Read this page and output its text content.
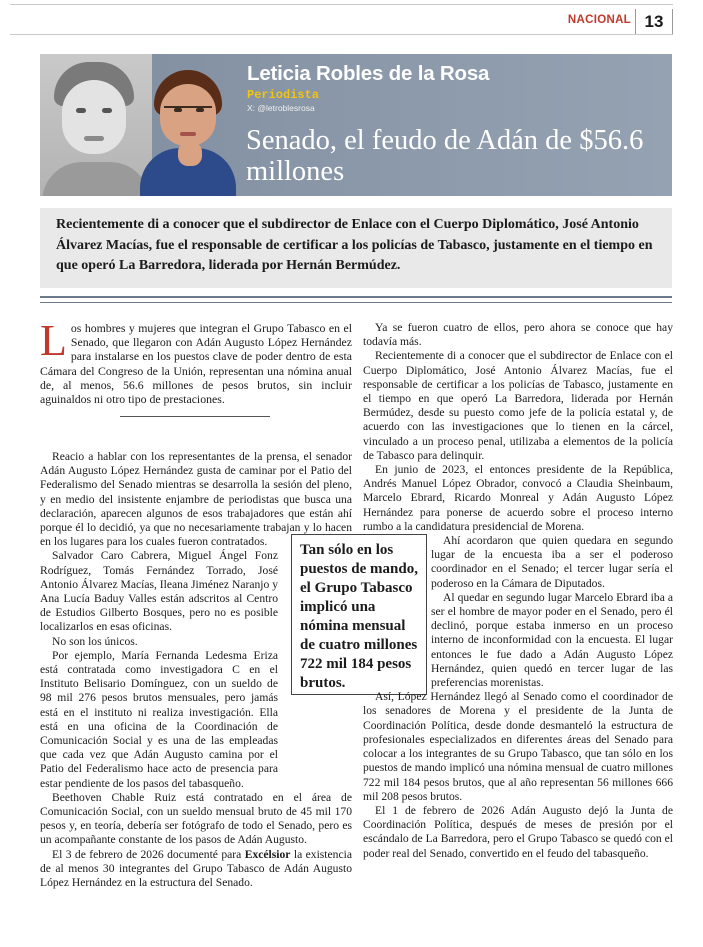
NACIONAL 13
Leticia Robles de la Rosa
Periodista
X: @letroblesrosa
Senado, el feudo de Adán de $56.6 millones

Recientemente di a conocer que el subdirector de Enlace con el Cuerpo Diplomático, José Antonio Álvarez Macías, fue el responsable de certificar a los policías de Tabasco, justamente en el tiempo en que operó La Barredora, liderada por Hernán Bermúdez.

L os hombres y mujeres que integran el Grupo Tabasco en el Senado, que llegaron con Adán Augusto López Hernández para instalarse en los puestos clave de poder dentro de esta Cámara del Congreso de la Unión, representan una nómina anual de, al menos, 56.6 millones de pesos brutos, sin incluir aguinaldos ni otro tipo de prestaciones.

Reacio a hablar con los representantes de la prensa, el senador Adán Augusto López Hernández gusta de caminar por el Patio del Federalismo del Senado mientras se desarrolla la sesión del pleno, y en medio del insistente enjambre de periodistas que busca una declaración, aparecen algunos de esos trabajadores que están ahí porque él lo decidió, ya que no necesariamente trabajan y lo hacen en los lugares para los cuales fueron contratados.

Salvador Caro Cabrera, Miguel Ángel Fonz Rodríguez, Tomás Fernández Torrado, José Antonio Álvarez Macías, Ileana Jiménez Naranjo y Ana Lucía Baduy Valles están adscritos al Centro de Estudios Gilberto Bosques, pero no es posible localizarlos en esas oficinas.

No son los únicos.

Por ejemplo, María Fernanda Ledesma Eriza está contratada como investigadora C en el Instituto Belisario Domínguez, con un sueldo de 98 mil 276 pesos brutos mensuales, pero jamás está en el instituto ni realiza investigación. Ella está en una oficina de la Coordinación de Comunicación Social y es una de las empleadas que cada vez que Adán Augusto camina por el Patio del Federalismo hace acto de presencia para estar pendiente de los pasos del tabasqueño.

Beethoven Chable Ruiz está contratado en el área de Comunicación Social, con un sueldo mensual bruto de 45 mil 170 pesos y, en teoría, debería ser fotógrafo de todo el Senado, pero es un acompañante constante de los pasos de Adán Augusto.

El 3 de febrero de 2026 documenté para Excélsior la existencia de al menos 30 integrantes del Grupo Tabasco de Adán Augusto López Hernández en la estructura del Senado.

Tan sólo en los puestos de mando, el Grupo Tabasco implicó una nómina mensual de cuatro millones 722 mil 184 pesos brutos.

Ya se fueron cuatro de ellos, pero ahora se conoce que hay todavía más.

Recientemente di a conocer que el subdirector de Enlace con el Cuerpo Diplomático, José Antonio Álvarez Macías, fue el responsable de certificar a los policías de Tabasco, justamente en el tiempo en que operó La Barredora, liderada por Hernán Bermúdez, desde su puesto como jefe de la policía estatal y, de acuerdo con las investigaciones que lo tienen en la cárcel, vinculado a un proceso penal, utilizaba a elementos de la policía de Tabasco para delinquir.

En junio de 2023, el entonces presidente de la República, Andrés Manuel López Obrador, convocó a Claudia Sheinbaum, Marcelo Ebrard, Ricardo Monreal y Adán Augusto López Hernández para ponerse de acuerdo sobre el proceso interno rumbo a la candidatura presidencial de Morena.

Ahí acordaron que quien quedara en segundo lugar de la encuesta iba a ser el poderoso coordinador en el Senado; el tercer lugar sería el poderoso en la Cámara de Diputados.

Al quedar en segundo lugar Marcelo Ebrard iba a ser el hombre de mayor poder en el Senado, pero él declinó, porque estaba inmerso en un proceso interno de inconformidad con la encuesta. El lugar entonces le fue dado a Adán Augusto López Hernández, quien quedó en tercer lugar de las preferencias morenistas.

Así, López Hernández llegó al Senado como el coordinador de los senadores de Morena y el presidente de la Junta de Coordinación Política, desde donde desmanteló la estructura de profesionales especializados en diferentes áreas del Senado para colocar a los integrantes de su Grupo Tabasco, que tan sólo en los puestos de mando implicó una nómina mensual de cuatro millones 722 mil 184 pesos brutos, que al año representan 56 millones 666 mil 208 pesos brutos.

El 1 de febrero de 2026 Adán Augusto dejó la Junta de Coordinación Política, después de meses de presión por el escándalo de La Barredora, pero el Grupo Tabasco se quedó con el poder real del Senado, convertido en el feudo del tabasqueño.
